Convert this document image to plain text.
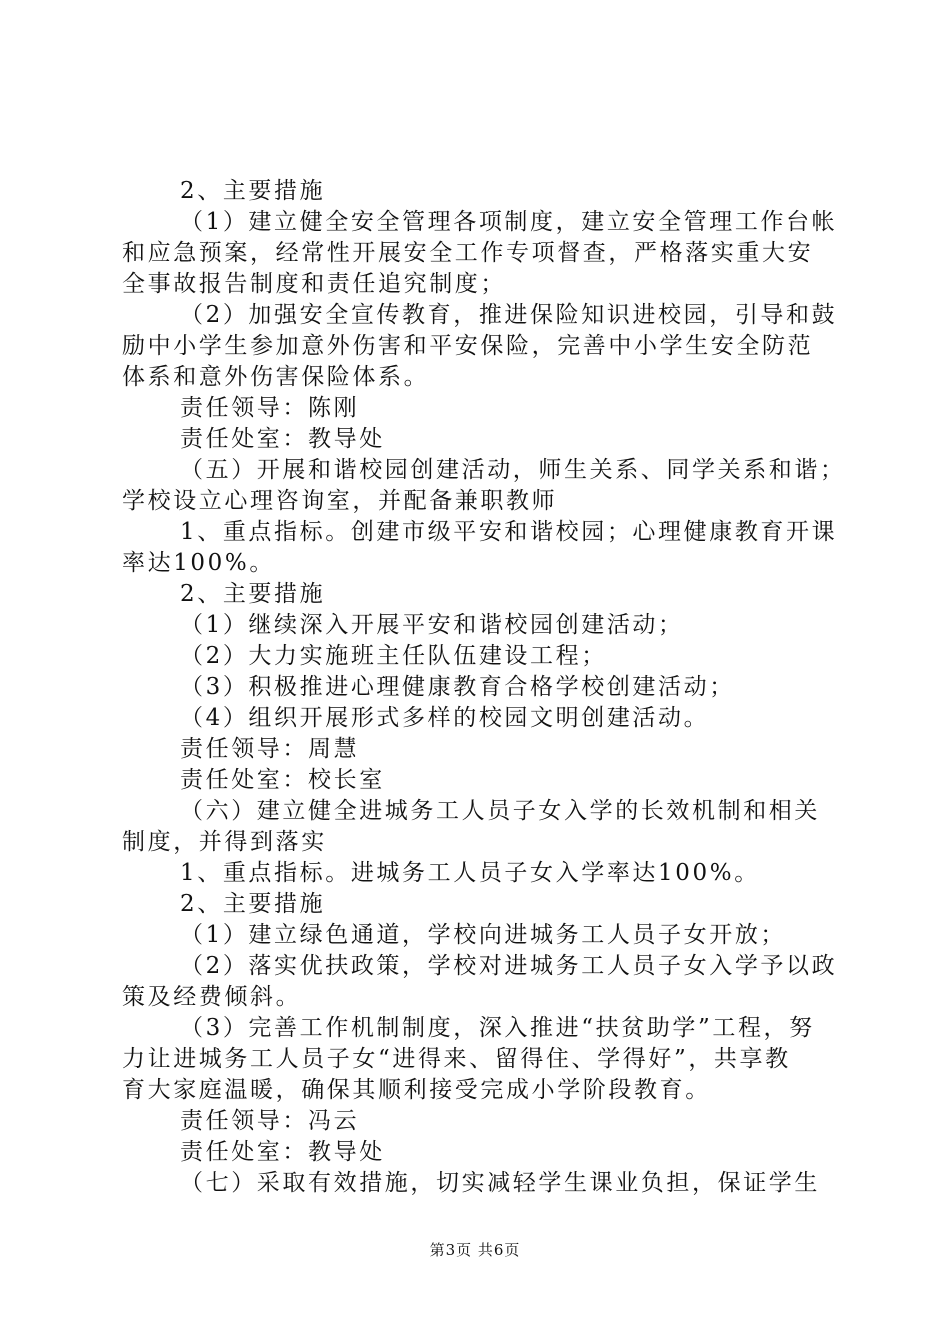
2、主要措施
（1）建立健全安全管理各项制度，建立安全管理工作台帐
和应急预案，经常性开展安全工作专项督查，严格落实重大安
全事故报告制度和责任追究制度；
（2）加强安全宣传教育，推进保险知识进校园，引导和鼓
励中小学生参加意外伤害和平安保险，完善中小学生安全防范
体系和意外伤害保险体系。
责任领导：陈刚
责任处室：教导处
（五）开展和谐校园创建活动，师生关系、同学关系和谐；
学校设立心理咨询室，并配备兼职教师
1、重点指标。创建市级平安和谐校园；心理健康教育开课
率达100%。
2、主要措施
（1）继续深入开展平安和谐校园创建活动；
（2）大力实施班主任队伍建设工程；
（3）积极推进心理健康教育合格学校创建活动；
（4）组织开展形式多样的校园文明创建活动。
责任领导：周慧
责任处室：校长室
（六）建立健全进城务工人员子女入学的长效机制和相关
制度，并得到落实
1、重点指标。进城务工人员子女入学率达100%。
2、主要措施
（1）建立绿色通道，学校向进城务工人员子女开放；
（2）落实优扶政策，学校对进城务工人员子女入学予以政
策及经费倾斜。
（3）完善工作机制制度，深入推进“扶贫助学”工程，努
力让进城务工人员子女“进得来、留得住、学得好”，共享教
育大家庭温暖，确保其顺利接受完成小学阶段教育。
责任领导：冯云
责任处室：教导处
（七）采取有效措施，切实减轻学生课业负担，保证学生
第3页 共6页
